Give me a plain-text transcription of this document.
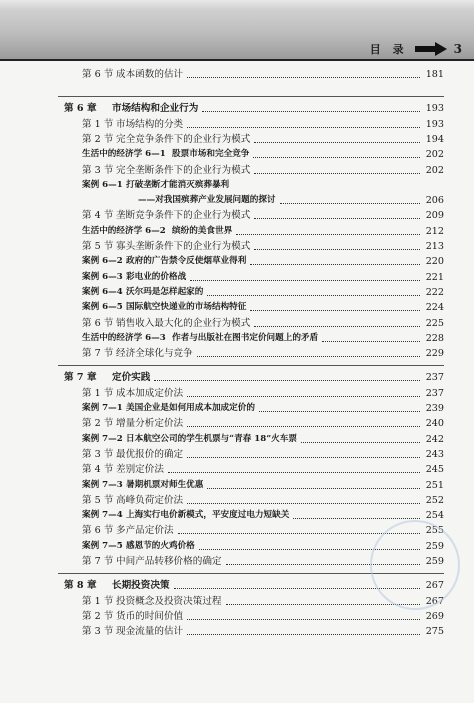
目 录	3
第 6 节 成本函数的估计	181
第 6 章 市场结构和企业行为	193
第 1 节 市场结构的分类	193
第 2 节 完全竞争条件下的企业行为模式	194
生活中的经济学 6—1 股票市场和完全竞争	202
第 3 节 完全垄断条件下的企业行为模式	202
案例 6—1 打破垄断才能消灭殡葬暴利
——对我国殡葬产业发展问题的探讨	206
第 4 节 垄断竞争条件下的企业行为模式	209
生活中的经济学 6—2 缤纷的美食世界	212
第 5 节 寡头垄断条件下的企业行为模式	213
案例 6—2 政府的广告禁令反使烟草业得利	220
案例 6—3 彩电业的价格战	221
案例 6—4 沃尔玛是怎样起家的	222
案例 6—5 国际航空快递业的市场结构特征	224
第 6 节 销售收入最大化的企业行为模式	225
生活中的经济学 6—3 作者与出版社在图书定价问题上的矛盾	228
第 7 节 经济全球化与竞争	229
第 7 章 定价实践	237
第 1 节 成本加成定价法	237
案例 7—1 美国企业是如何用成本加成定价的	239
第 2 节 增量分析定价法	240
案例 7—2 日本航空公司的学生机票与“青春 18”火车票	242
第 3 节 最优报价的确定	243
第 4 节 差别定价法	245
案例 7—3 暑期机票对师生优惠	251
第 5 节 高峰负荷定价法	252
案例 7—4 上海实行电价新模式，平安度过电力短缺关	254
第 6 节 多产品定价法	255
案例 7—5 感恩节的火鸡价格	259
第 7 节 中间产品转移价格的确定	259
第 8 章 长期投资决策	267
第 1 节 投资概念及投资决策过程	267
第 2 节 货币的时间价值	269
第 3 节 现金流量的估计	275
